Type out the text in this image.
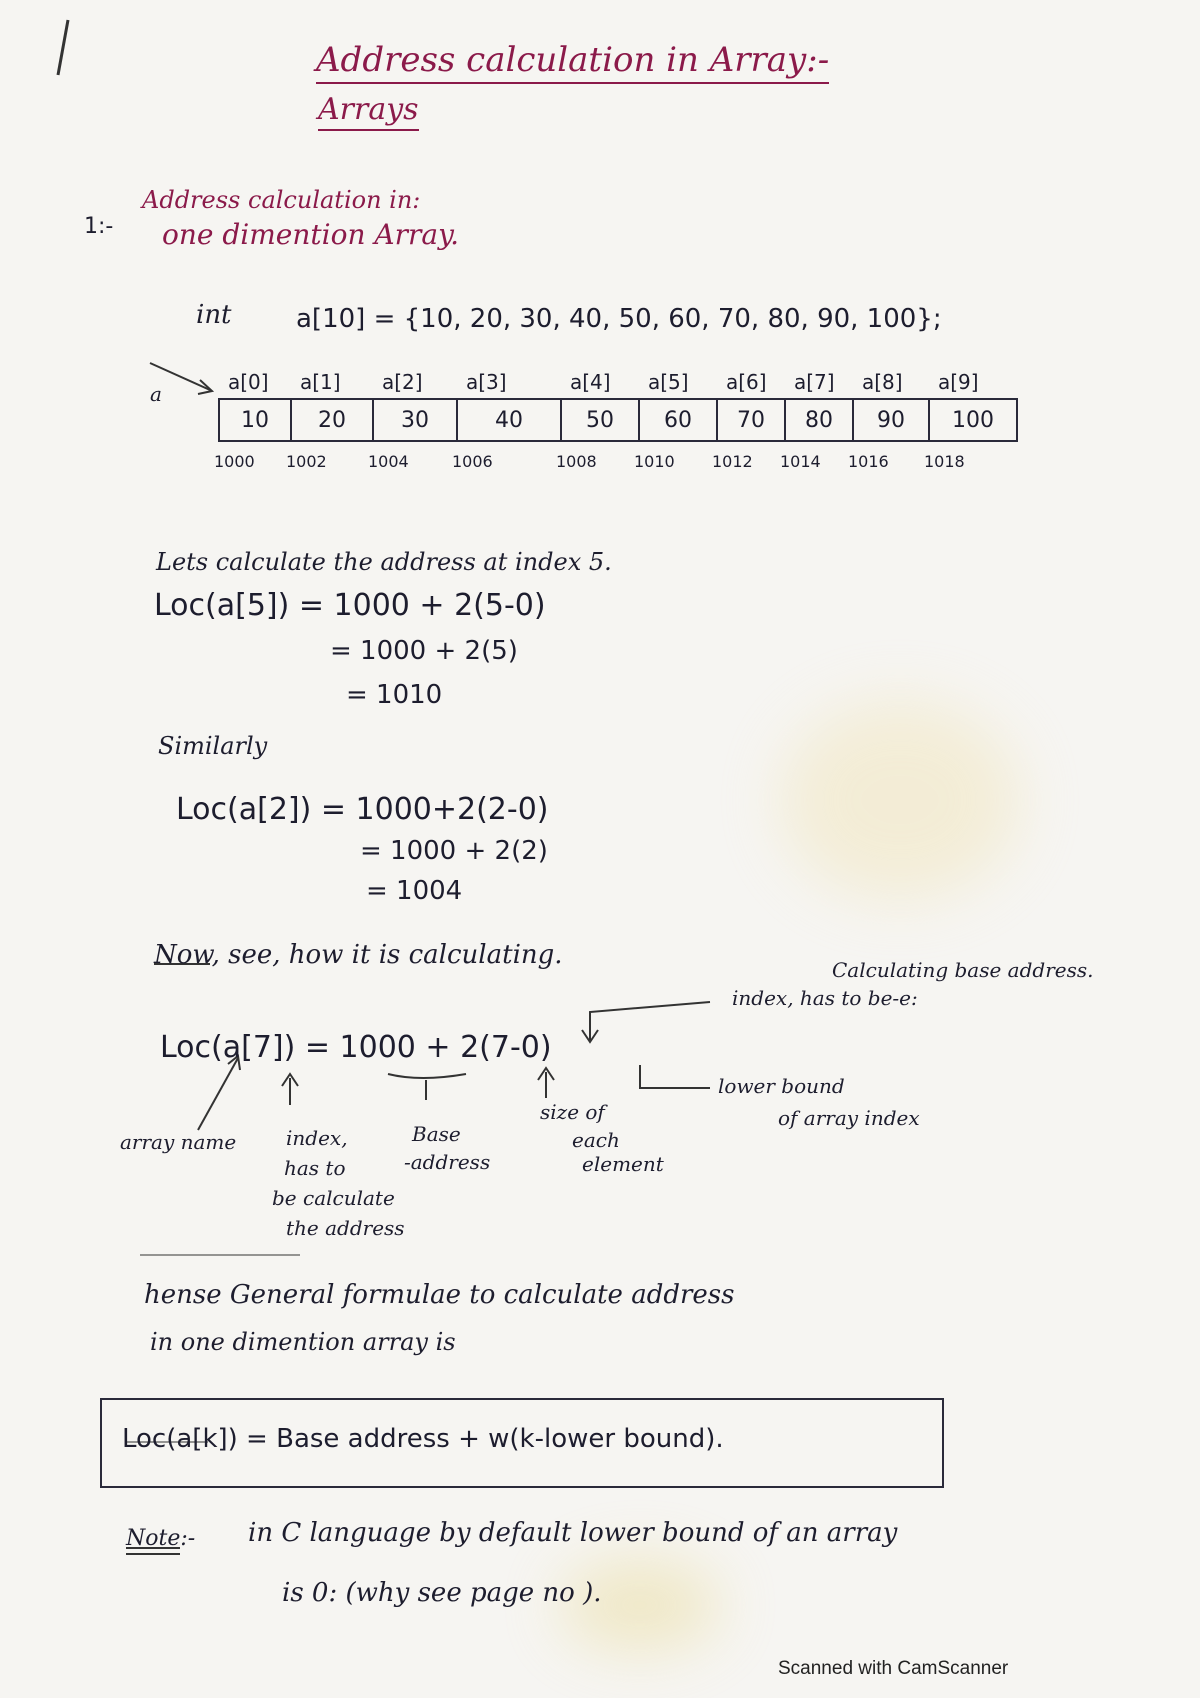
Address calculation in Array:-
Arrays
1:-
Address calculation in:
one dimention Array.
int a[10] = {10, 20, 30, 40, 50, 60, 70, 80, 90, 100};
a	a[0] a[1] a[2] a[3]	a[4] a[5] a[6] a[7] a[8] a[9]
10	20	30	40	50	60	70	80	90	100
1000 1002	1004	1006	1008 1010 1012 1014 1016 1018
Lets calculate the address at index 5.
Loc(a[5]) = 1000 + 2(5-0)
= 1000 + 2(5)
= 1010
Similarly
Loc(a[2]) = 1000+2(2-0)
= 1000 + 2(2)
= 1004
Now, see, how it is calculating.	Calculating base address.
index, has to be-e:
Loc(a[7]) = 1000 + 2(7-0)
lower bound
of array index
array name index,
has to
be calculate
the address
Base
-address
size of
each
element
hense General formulae to calculate address
in one dimention array is
Loc(a[k]) = Base address + w(k-lower bound).
Note:- in C language by default lower bound of an array
is 0: (why see page no ).
Scanned with CamScanner
